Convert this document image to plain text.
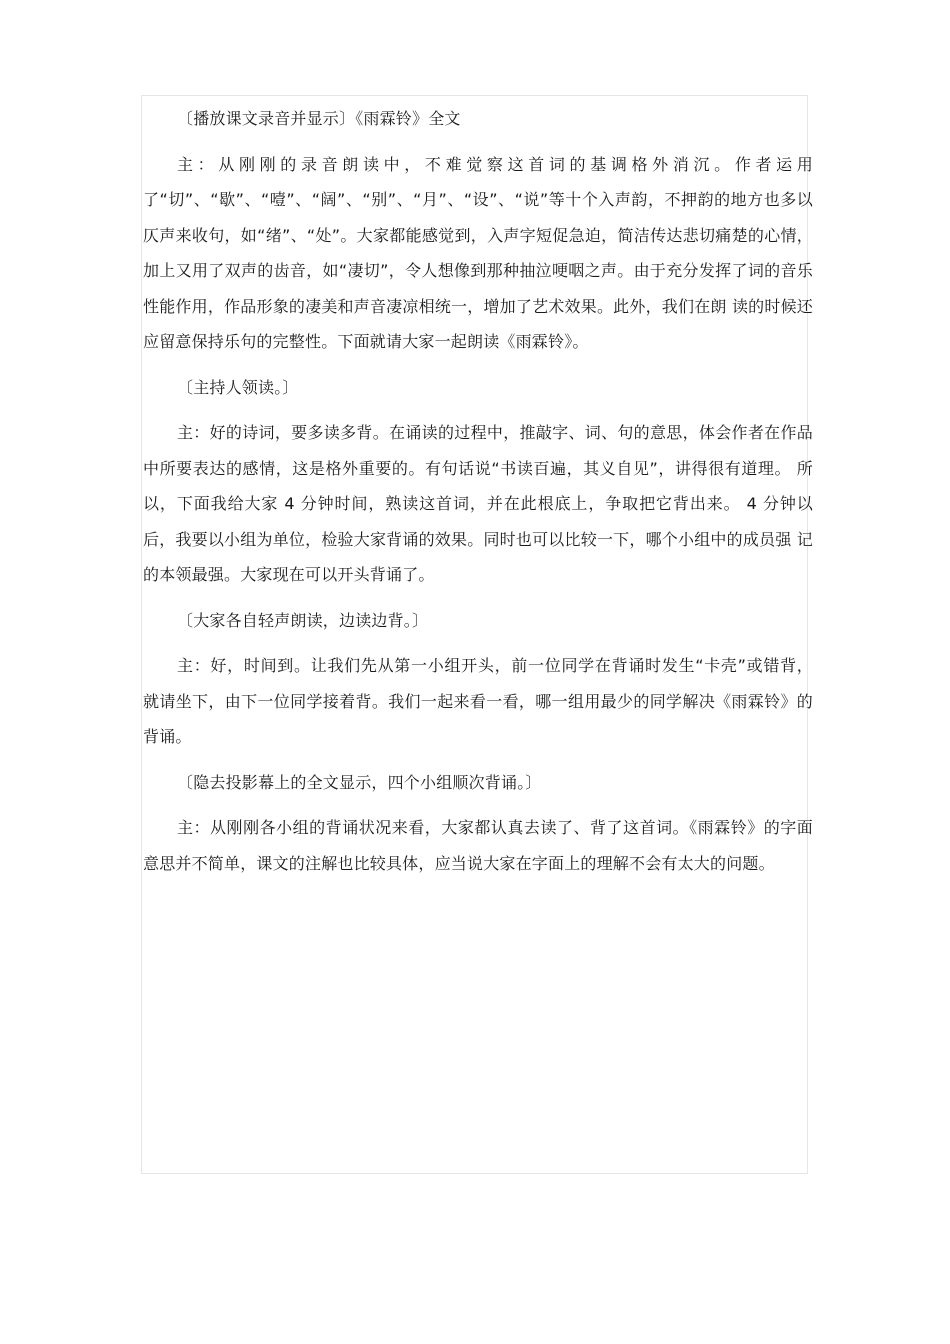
〔播放课文录音并显示〕《雨霖铃》全文

主：从刚刚的录音朗读中，不难觉察这首词的基调格外消沉。作者运用了“切”、“歇”、“噎”、“阔”、“别”、“月”、“设”、“说”等十个入声韵，不押韵的地方也多以仄声来收句，如“绪”、“处”。大家都能感觉到，入声字短促急迫，简洁传达悲切痛楚的心情，加上又用了双声的齿音，如“凄切”，令人想像到那种抽泣哽咽之声。由于充分发挥了词的音乐性能作用，作品形象的凄美和声音凄凉相统一，增加了艺术效果。此外，我们在朗 读的时候还应留意保持乐句的完整性。下面就请大家一起朗读《雨霖铃》。

〔主持人领读。〕

主：好的诗词，要多读多背。在诵读的过程中，推敲字、词、句的意思，体会作者在作品中所要表达的感情，这是格外重要的。有句话说“书读百遍，其义自见”，讲得很有道理。 所以，下面我给大家 4 分钟时间，熟读这首词，并在此根底上，争取把它背出来。 4 分钟以后，我要以小组为单位，检验大家背诵的效果。同时也可以比较一下，哪个小组中的成员强 记的本领最强。大家现在可以开头背诵了。

〔大家各自轻声朗读，边读边背。〕

主：好，时间到。让我们先从第一小组开头，前一位同学在背诵时发生“卡壳”或错背， 就请坐下，由下一位同学接着背。我们一起来看一看，哪一组用最少的同学解决《雨霖铃》的背诵。

〔隐去投影幕上的全文显示，四个小组顺次背诵。〕

主：从刚刚各小组的背诵状况来看，大家都认真去读了、背了这首词。《雨霖铃》的字面意思并不简单，课文的注解也比较具体，应当说大家在字面上的理解不会有太大的问题。
